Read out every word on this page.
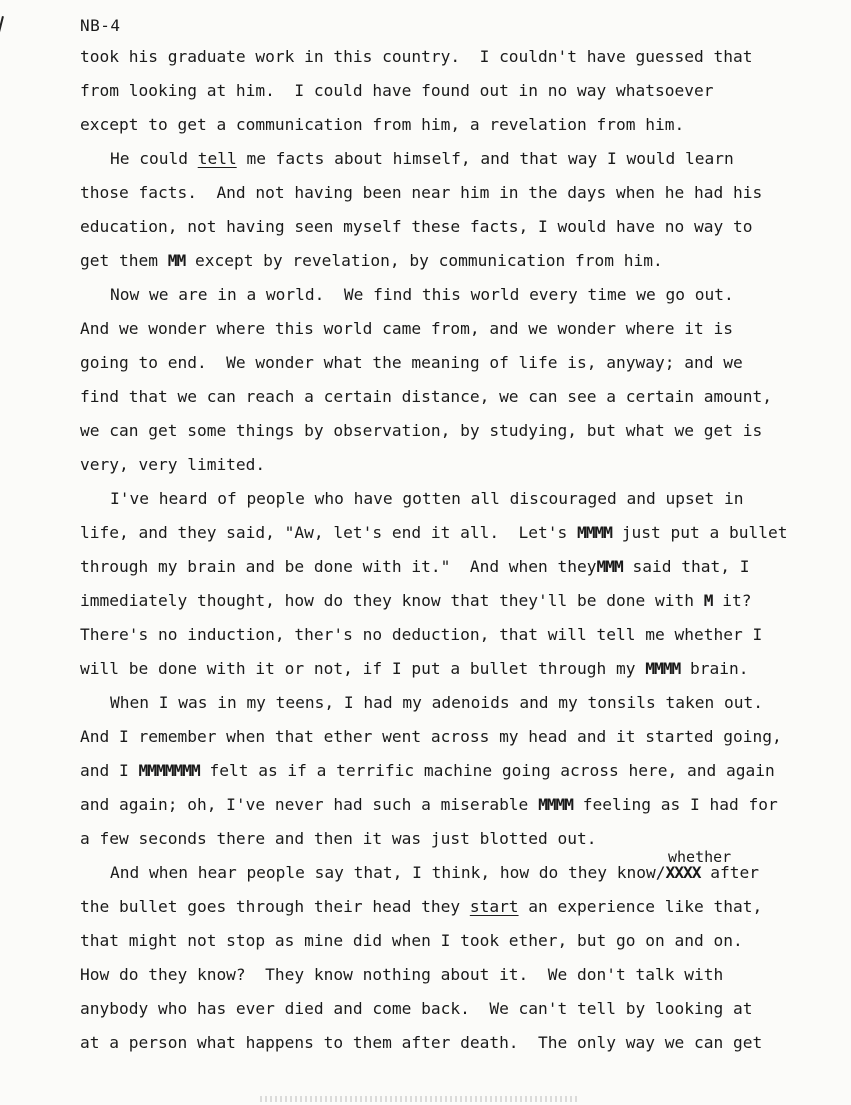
NB-4
took his graduate work in this country.  I couldn't have guessed that
from looking at him.  I could have found out in no way whatsoever
except to get a communication from him, a revelation from him.
He could tell me facts about himself, and that way I would learn
those facts.  And not having been near him in the days when he had his
education, not having seen myself these facts, I would have no way to
get them MM except by revelation, by communication from him.
Now we are in a world.  We find this world every time we go out.
And we wonder where this world came from, and we wonder where it is
going to end.  We wonder what the meaning of life is, anyway; and we
find that we can reach a certain distance, we can see a certain amount,
we can get some things by observation, by studying, but what we get is
very, very limited.
I've heard of people who have gotten all discouraged and upset in
life, and they said, "Aw, let's end it all.  Let's MMMM just put a bullet
through my brain and be done with it."  And when theyMMM said that, I
immediately thought, how do they know that they'll be done with M it?
There's no induction, ther's no deduction, that will tell me whether I
will be done with it or not, if I put a bullet through my MMMM brain.
When I was in my teens, I had my adenoids and my tonsils taken out.
And I remember when that ether went across my head and it started going,
and I MMMMMMM felt as if a terrific machine going across here, and again
and again; oh, I've never had such a miserable MMMM feeling as I had for
a few seconds there and then it was just blotted out.
And when hear people say that, I think, how do they know/XXXX after
the bullet goes through their head they start an experience like that,
that might not stop as mine did when I took ether, but go on and on.
How do they know?  They know nothing about it.  We don't talk with
anybody who has ever died and come back.  We can't tell by looking at
at a person what happens to them after death.  The only way we can get
whether
